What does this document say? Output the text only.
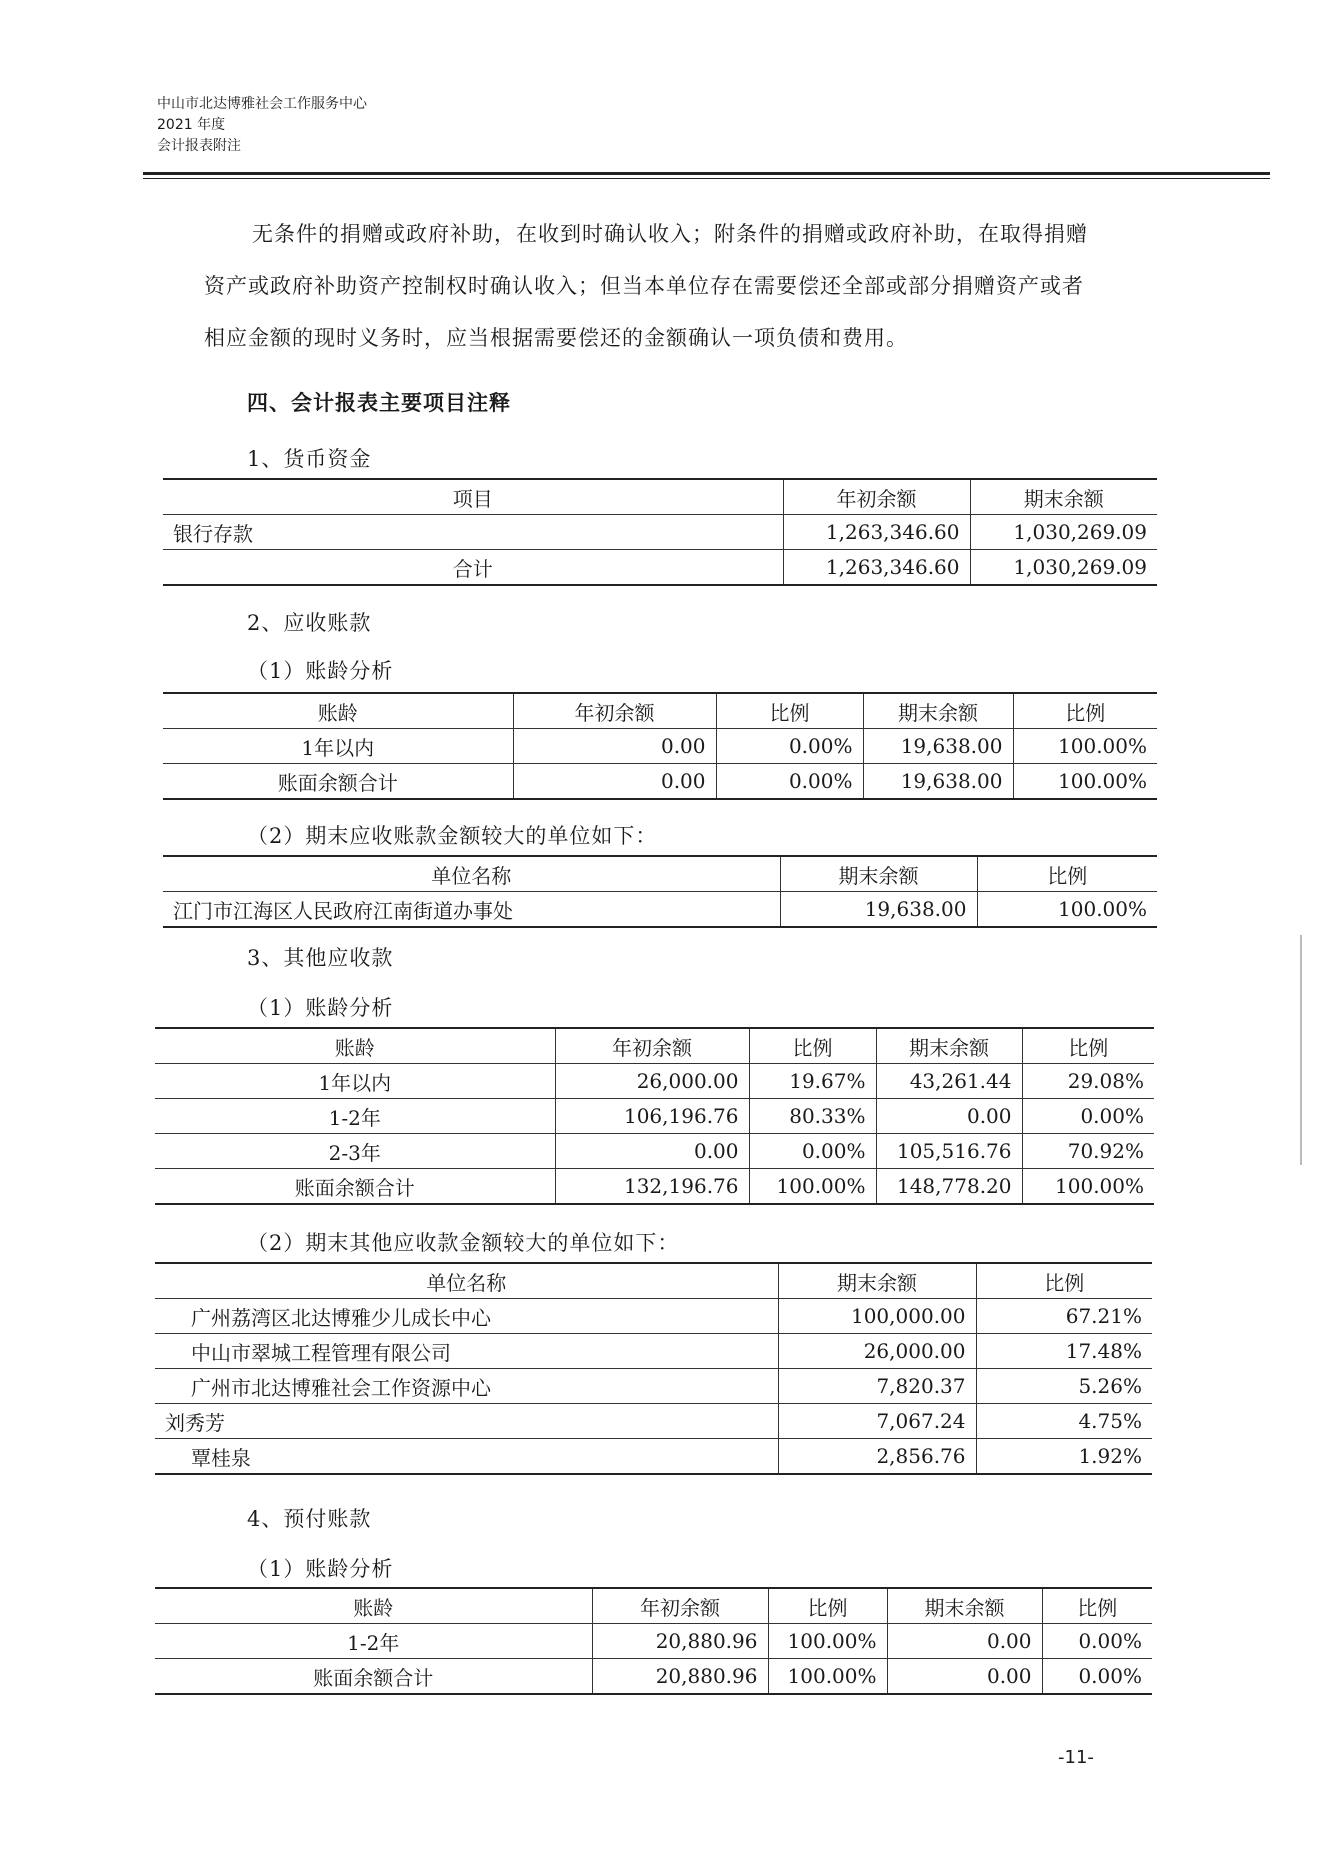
中山市北达博雅社会工作服务中心
2021 年度
会计报表附注
无条件的捐赠或政府补助，在收到时确认收入；附条件的捐赠或政府补助，在取得捐赠
资产或政府补助资产控制权时确认收入；但当本单位存在需要偿还全部或部分捐赠资产或者
相应金额的现时义务时，应当根据需要偿还的金额确认一项负债和费用。
四、会计报表主要项目注释
1、货币资金
项目	年初余额	期末余额
银行存款	1,263,346.60	1,030,269.09
合计	1,263,346.60	1,030,269.09
2、应收账款
（1）账龄分析
账龄	年初余额	比例	期末余额	比例
1年以内	0.00	0.00%	19,638.00	100.00%
账面余额合计	0.00	0.00%	19,638.00	100.00%
（2）期末应收账款金额较大的单位如下：
单位名称	期末余额	比例
江门市江海区人民政府江南街道办事处	19,638.00	100.00%
3、其他应收款
（1）账龄分析
账龄	年初余额	比例	期末余额	比例
1年以内	26,000.00	19.67%	43,261.44	29.08%
1-2年	106,196.76	80.33%	0.00	0.00%
2-3年	0.00	0.00%	105,516.76	70.92%
账面余额合计	132,196.76	100.00%	148,778.20	100.00%
（2）期末其他应收款金额较大的单位如下：
单位名称	期末余额	比例
广州荔湾区北达博雅少儿成长中心	100,000.00	67.21%
中山市翠城工程管理有限公司	26,000.00	17.48%
广州市北达博雅社会工作资源中心	7,820.37	5.26%
刘秀芳	7,067.24	4.75%
覃桂泉	2,856.76	1.92%
4、预付账款
（1）账龄分析
账龄	年初余额	比例	期末余额	比例
1-2年	20,880.96	100.00%	0.00	0.00%
账面余额合计	20,880.96	100.00%	0.00	0.00%
-11-
